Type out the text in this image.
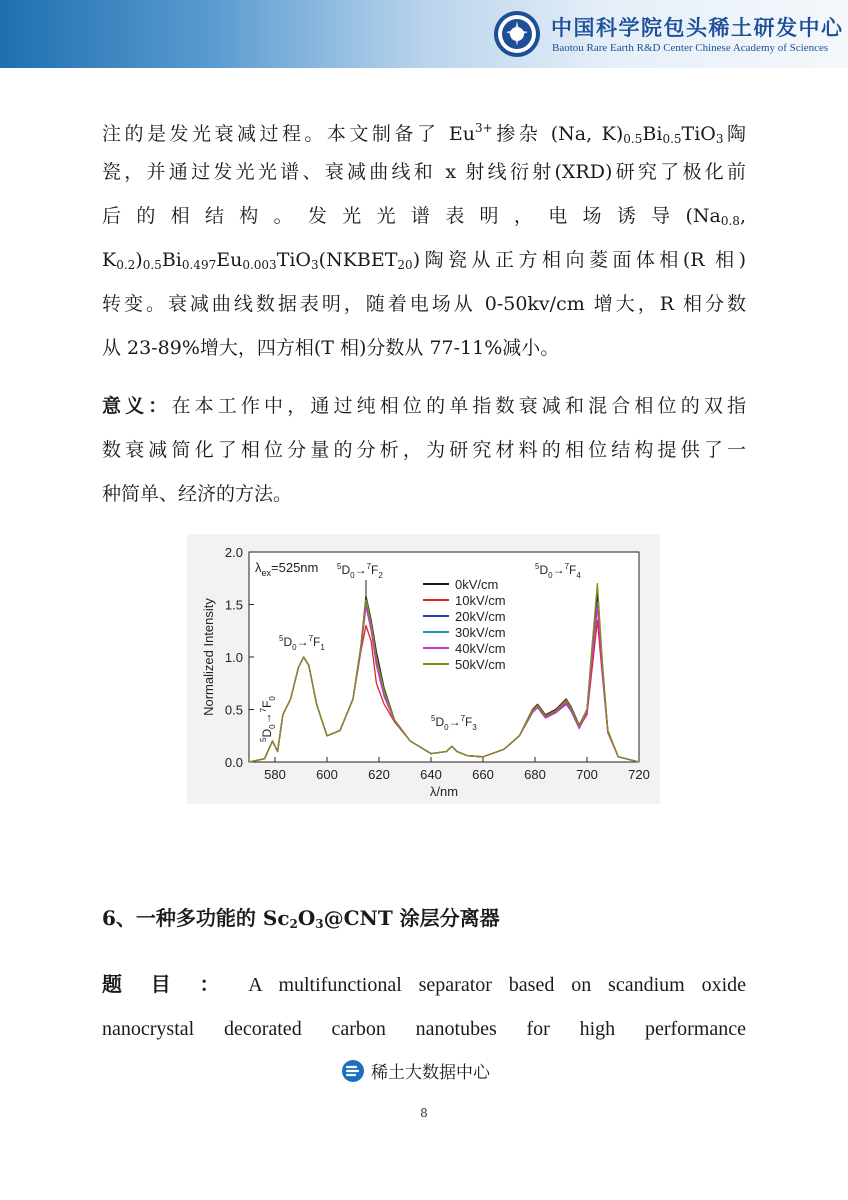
中国科学院包头稀土研发中心
Baotou Rare Earth R&D Center Chinese Academy of Sciences

注的是发光衰减过程。本文制备了 $Eu^{3+}$掺杂 (Na, $K)_{0.5}Bi_{0.5}TiO_3$陶

瓷，并通过发光光谱、衰减曲线和 x 射线衍射(XRD)研究了极化前

后 的 相 结 构 。 发 光 光 谱 表 明 ， 电 场 诱 导 ($Na_{0.8}$,

$K_{0.2})_{0.5}Bi_{0.497}Eu_{0.003}TiO_3(NKBET_{20})$陶瓷从正方相向菱面体相(R 相)

转变。衰减曲线数据表明，随着电场从 0-50kv/cm 增大，R 相分数

从 23-89%增大，四方相(T 相)分数从 77-11%减小。

意义：在本工作中，通过纯相位的单指数衰减和混合相位的双指

数衰减简化了相位分量的分析，为研究材料的相位结构提供了一

种简单、经济的方法。

580 600 620 640 660 680 700 720
0.0
0.5
1.0
1.5
2.0
λ/nm
Normalized Intensity
$\lambda_{ex}=525nm$
$^5D_0\to^7F_0$
$^5D_0\to^7F_1$
$^5D_0\to^7F_2$
$^5D_0\to^7F_3$
$^5D_0\to^7F_4$
0kV/cm
10kV/cm
20kV/cm
30kV/cm
40kV/cm
50kV/cm
6、一种多功能的 $Sc_2O_3@CNT$ 涂层分离器

题 目 ： A multifunctional separator based on scandium oxide

nanocrystal decorated carbon nanotubes for high performance

稀土大数据中心
8
